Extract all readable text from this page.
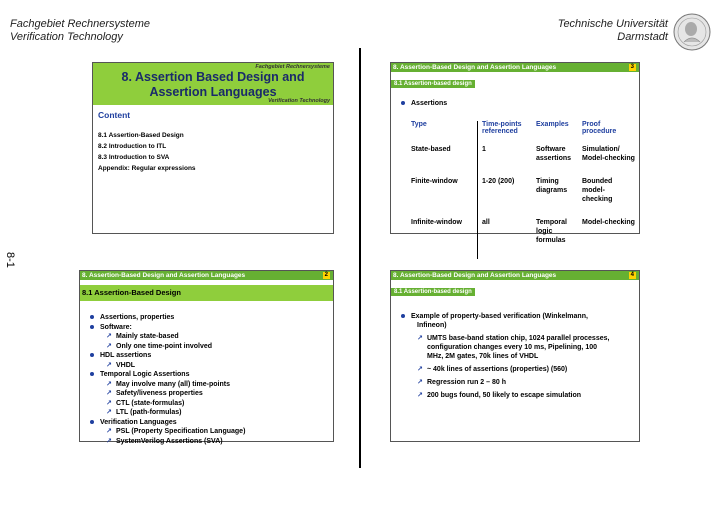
Fachgebiet Rechnersysteme
Verification Technology
Technische Universität
Darmstadt
8-1
Fachgebiet Rechnersysteme
8. Assertion Based Design and
Assertion Languages
Verification Technology
Content
8.1 Assertion-Based Design
8.2 Introduction to ITL
8.3 Introduction to SVA
Appendix: Regular expressions
8. Assertion-Based Design and Assertion Languages	3
8.1 Assertion-based design
Assertions
Type	Time-points referenced	Examples	Proof procedure
State-based	1	Software assertions	Simulation/ Model-checking
Finite-window	1-20 (200)	Timing diagrams	Bounded model-checking
Infinite-window	all	Temporal logic formulas	Model-checking
8. Assertion-Based Design and Assertion Languages	2
8.1 Assertion-Based Design
Assertions, properties
Software:
↗ Mainly state-based
↗ Only one time-point involved
HDL assertions
↗ VHDL
Temporal Logic Assertions
↗ May involve many (all) time-points
↗ Safety/liveness properties
↗ CTL (state-formulas)
↗ LTL (path-formulas)
Verification Languages
↗ PSL (Property Specification Language)
↗ SystemVerilog Assertions (SVA)
8. Assertion-Based Design and Assertion Languages	4
8.1 Assertion-based design
Example of property-based verification (Winkelmann,
Infineon)
↗ UMTS base-band station chip, 1024 parallel processes,
configuration changes every 10 ms, Pipelining, 100
MHz, 2M gates, 70k lines of VHDL
↗ ~ 40k lines of assertions (properties) (560)
↗ Regression run 2 – 80 h
↗ 200 bugs found, 50 likely to escape simulation
